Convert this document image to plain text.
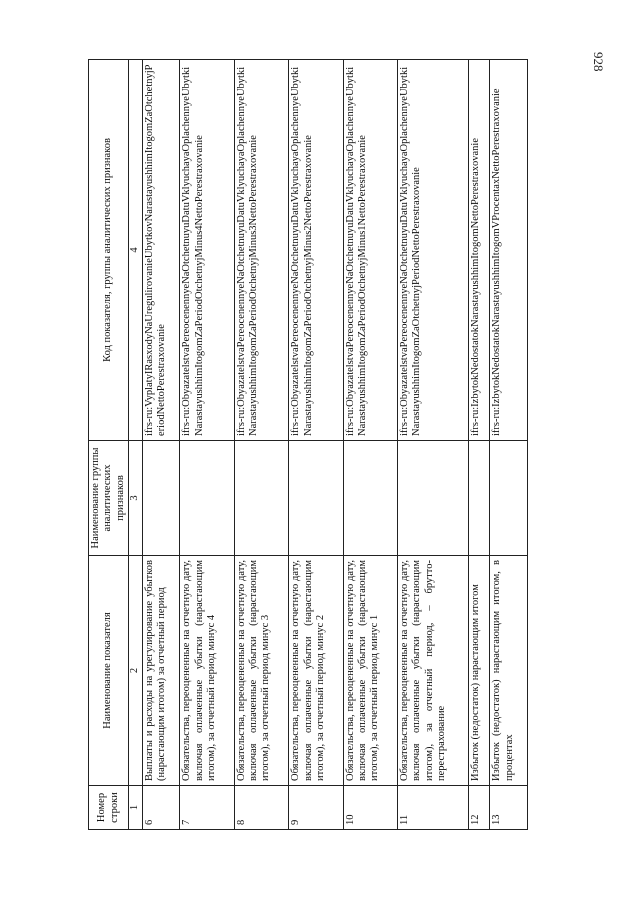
928
Номер строки	Наименование показателя	Наименование группы аналитических признаков	Код показателя, группы аналитических признаков
1	2	3	4
6	Выплаты и расходы на урегулирование убытков (нарастающим итогом) за отчетный период		ifrs-ru:VyplatyIRasxodyNaUregulirovanieUbytkovNarastayushhimItogomZaOtchetnyjPeriodNettoPerestraxovanie
7	Обязательства, переоцененные на отчетную дату, включая оплаченные убытки (нарастающим итогом), за отчетный период минус 4		ifrs-ru:ObyazatelstvaPereocenennyeNaOtchetnuyuDatuVklyuchayaOplachennyeUbytkiNarastayushhimItogomZaPeriodOtchetnyjMinus4NettoPerestraxovanie
8	Обязательства, переоцененные на отчетную дату, включая оплаченные убытки (нарастающим итогом), за отчетный период минус 3		ifrs-ru:ObyazatelstvaPereocenennyeNaOtchetnuyuDatuVklyuchayaOplachennyeUbytkiNarastayushhimItogomZaPeriodOtchetnyjMinus3NettoPerestraxovanie
9	Обязательства, переоцененные на отчетную дату, включая оплаченные убытки (нарастающим итогом), за отчетный период минус 2		ifrs-ru:ObyazatelstvaPereocenennyeNaOtchetnuyuDatuVklyuchayaOplachennyeUbytkiNarastayushhimItogomZaPeriodOtchetnyjMinus2NettoPerestraxovanie
10	Обязательства, переоцененные на отчетную дату, включая оплаченные убытки (нарастающим итогом), за отчетный период минус 1		ifrs-ru:ObyazatelstvaPereocenennyeNaOtchetnuyuDatuVklyuchayaOplachennyeUbytkiNarastayushhimItogomZaPeriodOtchetnyjMinus1NettoPerestraxovanie
11	Обязательства, переоцененные на отчетную дату, включая оплаченные убытки (нарастающим итогом), за отчетный период, – брутто-перестрахование		ifrs-ru:ObyazatelstvaPereocenennyeNaOtchetnuyuDatuVklyuchayaOplachennyeUbytkiNarastayushhimItogomZaOtchetnyjPeriodNettoPerestraxovanie
12	Избыток (недостаток) нарастающим итогом		ifrs-ru:IzbytokNedostatokNarastayushhimItogomNettoPerestraxovanie
13	Избыток (недостаток) нарастающим итогом, в процентах		ifrs-ru:IzbytokNedostatokNarastayushhimItogomVProcentaxNettoPerestraxovanie
